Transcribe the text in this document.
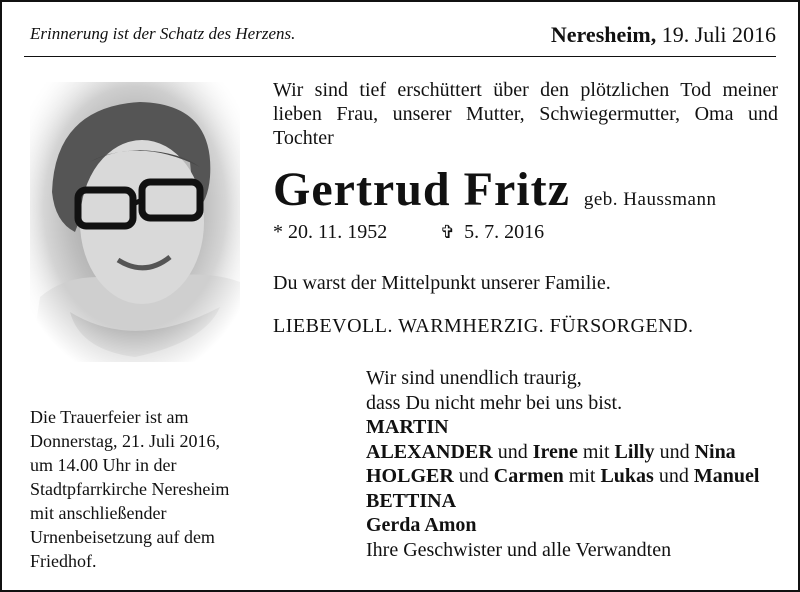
Erinnerung ist der Schatz des Herzens.	Neresheim, 19. Juli 2016
Wir sind tief erschüttert über den plötzlichen Tod meiner lieben Frau, unserer Mutter, Schwiegermutter, Oma und Tochter
Gertrud Fritz geb. Haussmann
* 20. 11. 1952	✞ 5. 7. 2016
Du warst der Mittelpunkt unserer Familie.
LIEBEVOLL. WARMHERZIG. FÜRSORGEND.
Die Trauerfeier ist am
Donnerstag, 21. Juli 2016,
um 14.00 Uhr in der
Stadtpfarrkirche Neresheim
mit anschließender
Urnenbeisetzung auf dem
Friedhof.
Wir sind unendlich traurig,
dass Du nicht mehr bei uns bist.
MARTIN
ALEXANDER und Irene mit Lilly und Nina
HOLGER und Carmen mit Lukas und Manuel
BETTINA
Gerda Amon
Ihre Geschwister und alle Verwandten
